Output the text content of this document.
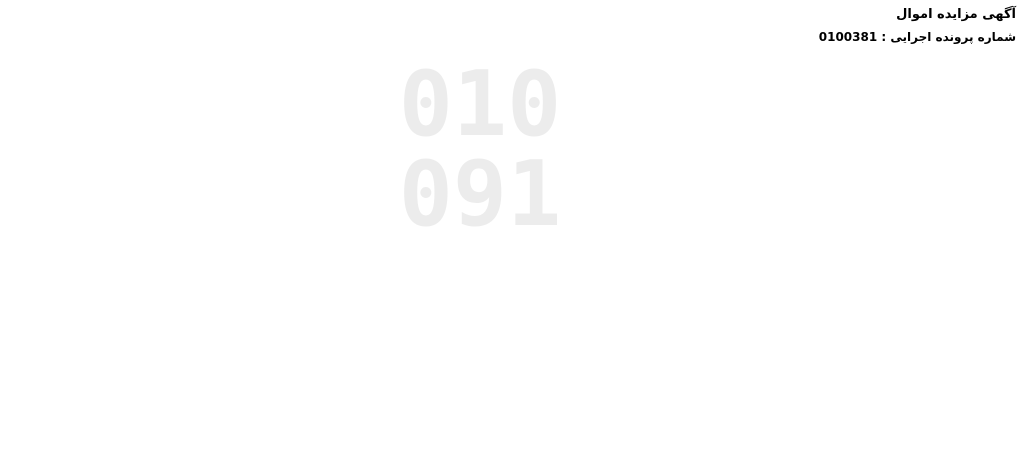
010
091
آگهی مزایده اموال
شماره پرونده اجرایی : 0100381
